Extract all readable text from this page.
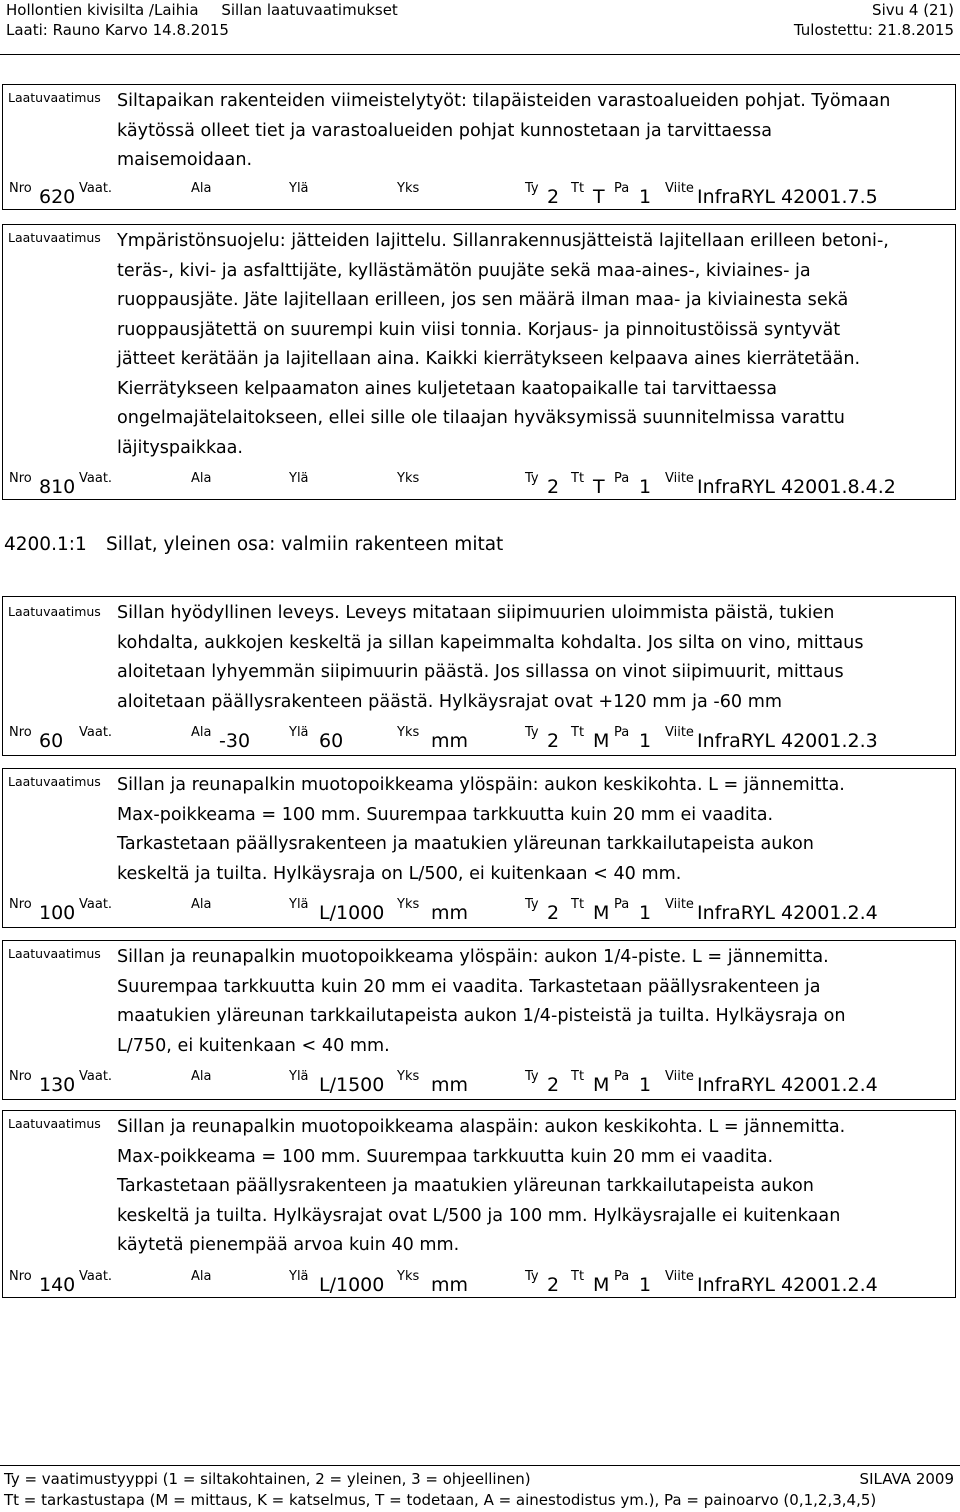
Hollontien kivisilta /Laihia Sillan laatuvaatimukset	Sivu 4 (21)
Laati: Rauno Karvo 14.8.2015	Tulostettu: 21.8.2015
Laatuvaatimus Siltapaikan rakenteiden viimeistelytyöt: tilapäisteiden varastoalueiden pohjat. Työmaan
käytössä olleet tiet ja varastoalueiden pohjat kunnostetaan ja tarvittaessa
maisemoidaan.
Nro 620 Vaat.	Ala	Ylä	Yks	Ty 2 Tt T Pa 1 Viite InfraRYL 42001.7.5
Laatuvaatimus Ympäristönsuojelu: jätteiden lajittelu. Sillanrakennusjätteistä lajitellaan erilleen betoni-,
teräs-, kivi- ja asfalttijäte, kyllästämätön puujäte sekä maa-aines-, kiviaines- ja
ruoppausjäte. Jäte lajitellaan erilleen, jos sen määrä ilman maa- ja kiviainesta sekä
ruoppausjätettä on suurempi kuin viisi tonnia. Korjaus- ja pinnoitustöissä syntyvät
jätteet kerätään ja lajitellaan aina. Kaikki kierrätykseen kelpaava aines kierrätetään.
Kierrätykseen kelpaamaton aines kuljetetaan kaatopaikalle tai tarvittaessa
ongelmajätelaitokseen, ellei sille ole tilaajan hyväksymissä suunnitelmissa varattu
läjityspaikkaa.
Nro 810 Vaat.	Ala	Ylä	Yks	Ty 2 Tt T Pa 1 Viite InfraRYL 42001.8.4.2
4200.1:1 Sillat, yleinen osa: valmiin rakenteen mitat
Laatuvaatimus Sillan hyödyllinen leveys. Leveys mitataan siipimuurien uloimmista päistä, tukien
kohdalta, aukkojen keskeltä ja sillan kapeimmalta kohdalta. Jos silta on vino, mittaus
aloitetaan lyhyemmän siipimuurin päästä. Jos sillassa on vinot siipimuurit, mittaus
aloitetaan päällysrakenteen päästä. Hylkäysrajat ovat +120 mm ja -60 mm
Nro 60 Vaat.	Ala -30	Ylä 60	Yks mm	Ty 2 Tt M Pa 1 Viite InfraRYL 42001.2.3
Laatuvaatimus Sillan ja reunapalkin muotopoikkeama ylöspäin: aukon keskikohta. L = jännemitta.
Max-poikkeama = 100 mm. Suurempaa tarkkuutta kuin 20 mm ei vaadita.
Tarkastetaan päällysrakenteen ja maatukien yläreunan tarkkailutapeista aukon
keskeltä ja tuilta. Hylkäysraja on L/500, ei kuitenkaan < 40 mm.
Nro 100 Vaat.	Ala	Ylä L/1000 Yks mm	Ty 2 Tt M Pa 1 Viite InfraRYL 42001.2.4
Laatuvaatimus Sillan ja reunapalkin muotopoikkeama ylöspäin: aukon 1/4-piste. L = jännemitta.
Suurempaa tarkkuutta kuin 20 mm ei vaadita. Tarkastetaan päällysrakenteen ja
maatukien yläreunan tarkkailutapeista aukon 1/4-pisteistä ja tuilta. Hylkäysraja on
L/750, ei kuitenkaan < 40 mm.
Nro 130 Vaat.	Ala	Ylä L/1500 Yks mm	Ty 2 Tt M Pa 1 Viite InfraRYL 42001.2.4
Laatuvaatimus Sillan ja reunapalkin muotopoikkeama alaspäin: aukon keskikohta. L = jännemitta.
Max-poikkeama = 100 mm. Suurempaa tarkkuutta kuin 20 mm ei vaadita.
Tarkastetaan päällysrakenteen ja maatukien yläreunan tarkkailutapeista aukon
keskeltä ja tuilta. Hylkäysrajat ovat L/500 ja 100 mm. Hylkäysrajalle ei kuitenkaan
käytetä pienempää arvoa kuin 40 mm.
Nro 140 Vaat.	Ala	Ylä L/1000 Yks mm	Ty 2 Tt M Pa 1 Viite InfraRYL 42001.2.4
Ty = vaatimustyyppi (1 = siltakohtainen, 2 = yleinen, 3 = ohjeellinen)	SILAVA 2009
Tt = tarkastustapa (M = mittaus, K = katselmus, T = todetaan, A = ainestodistus ym.), Pa = painoarvo (0,1,2,3,4,5)
